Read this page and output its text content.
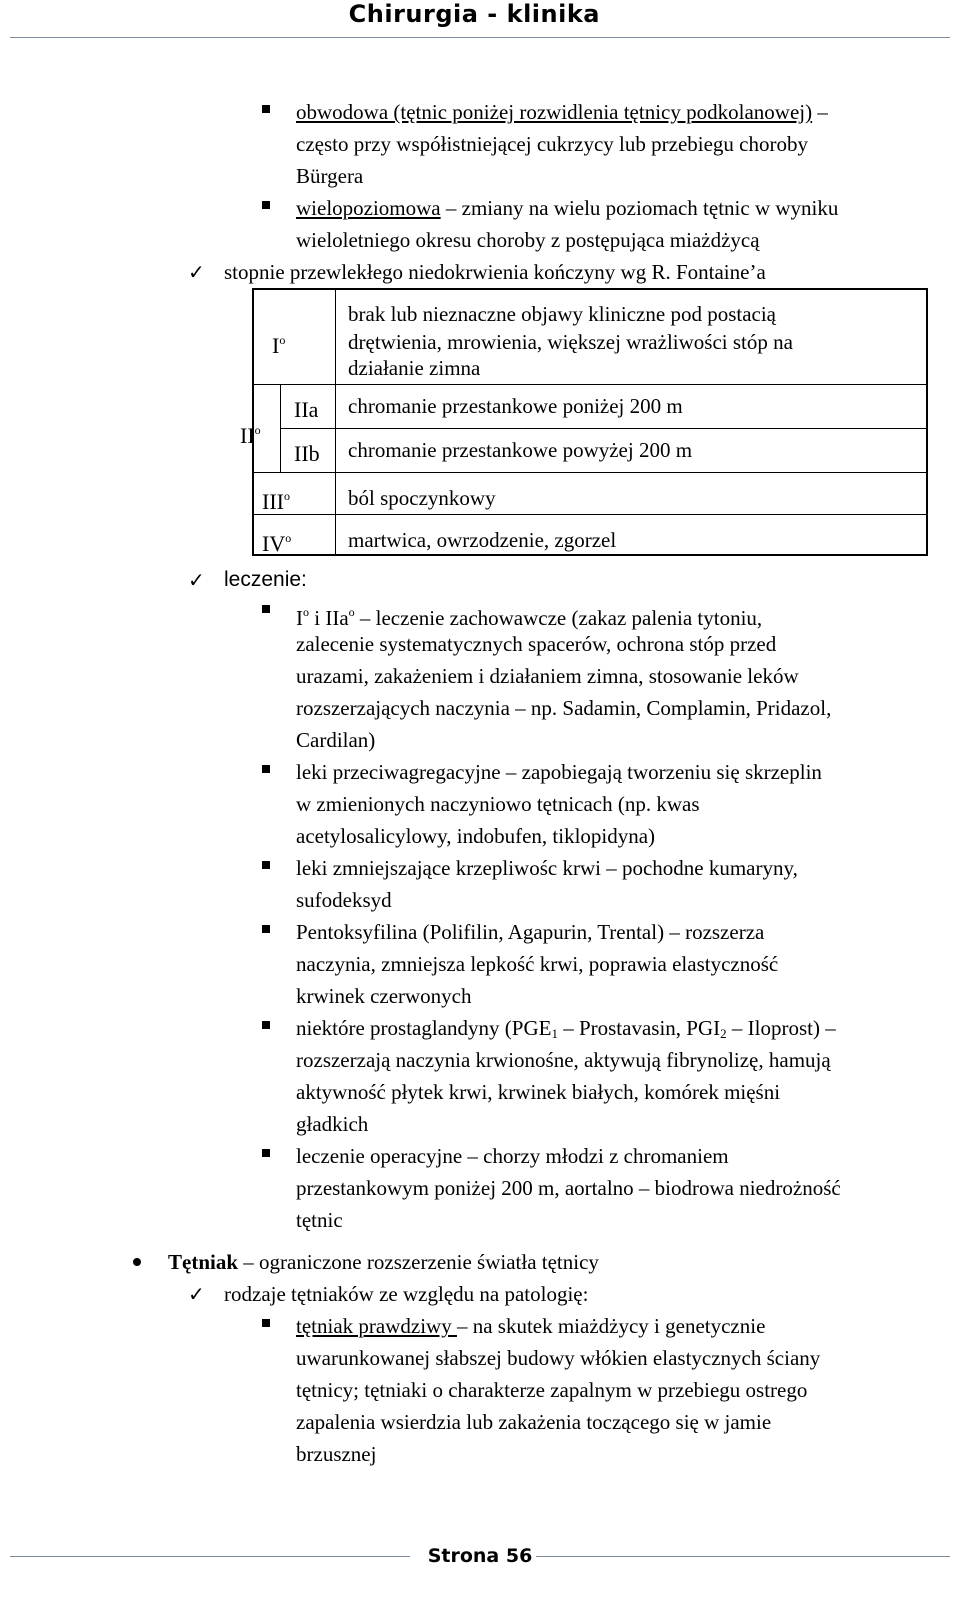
Chirurgia - klinika
obwodowa (tętnic poniżej rozwidlenia tętnicy podkolanowej) –
często przy współistniejącej cukrzycy lub przebiegu choroby
Bürgera
wielopoziomowa – zmiany na wielu poziomach tętnic w wyniku
wieloletniego okresu choroby z postępująca miażdżycą
✓ stopnie przewlekłego niedokrwienia kończyny wg R. Fontaine’a
$I^o$
brak lub nieznaczne objawy kliniczne pod postacią
drętwienia, mrowienia, większej wrażliwości stóp na
działanie zimna
$II^o$
IIa chromanie przestankowe poniżej 200 m
IIb chromanie przestankowe powyżej 200 m
III$^o$	ból spoczynkowy
$IV^o$	martwica, owrzodzenie, zgorzel
✓ leczenie:
$I^o$ i IIa$^o$ – leczenie zachowawcze (zakaz palenia tytoniu,
zalecenie systematycznych spacerów, ochrona stóp przed
urazami, zakażeniem i działaniem zimna, stosowanie leków
rozszerzających naczynia – np. Sadamin, Complamin, Pridazol,
Cardilan)
leki przeciwagregacyjne – zapobiegają tworzeniu się skrzeplin
w zmienionych naczyniowo tętnicach (np. kwas
acetylosalicylowy, indobufen, tiklopidyna)
leki zmniejszające krzepliwośc krwi – pochodne kumaryny,
sufodeksyd
Pentoksyfilina (Polifilin, Agapurin, Trental) – rozszerza
naczynia, zmniejsza lepkość krwi, poprawia elastyczność
krwinek czerwonych
niektóre prostaglandyny ($PGE_1$ – Prostavasin, $PGI_2$ – Iloprost) –
rozszerzają naczynia krwionośne, aktywują fibrynolizę, hamują
aktywność płytek krwi, krwinek białych, komórek mięśni
gładkich
leczenie operacyjne – chorzy młodzi z chromaniem
przestankowym poniżej 200 m, aortalno – biodrowa niedrożność
tętnic
Tętniak – ograniczone rozszerzenie światła tętnicy
✓ rodzaje tętniaków ze względu na patologię:
tętniak prawdziwy – na skutek miażdżycy i genetycznie
uwarunkowanej słabszej budowy włókien elastycznych ściany
tętnicy; tętniaki o charakterze zapalnym w przebiegu ostrego
zapalenia wsierdzia lub zakażenia toczącego się w jamie
brzusznej
Strona 56
